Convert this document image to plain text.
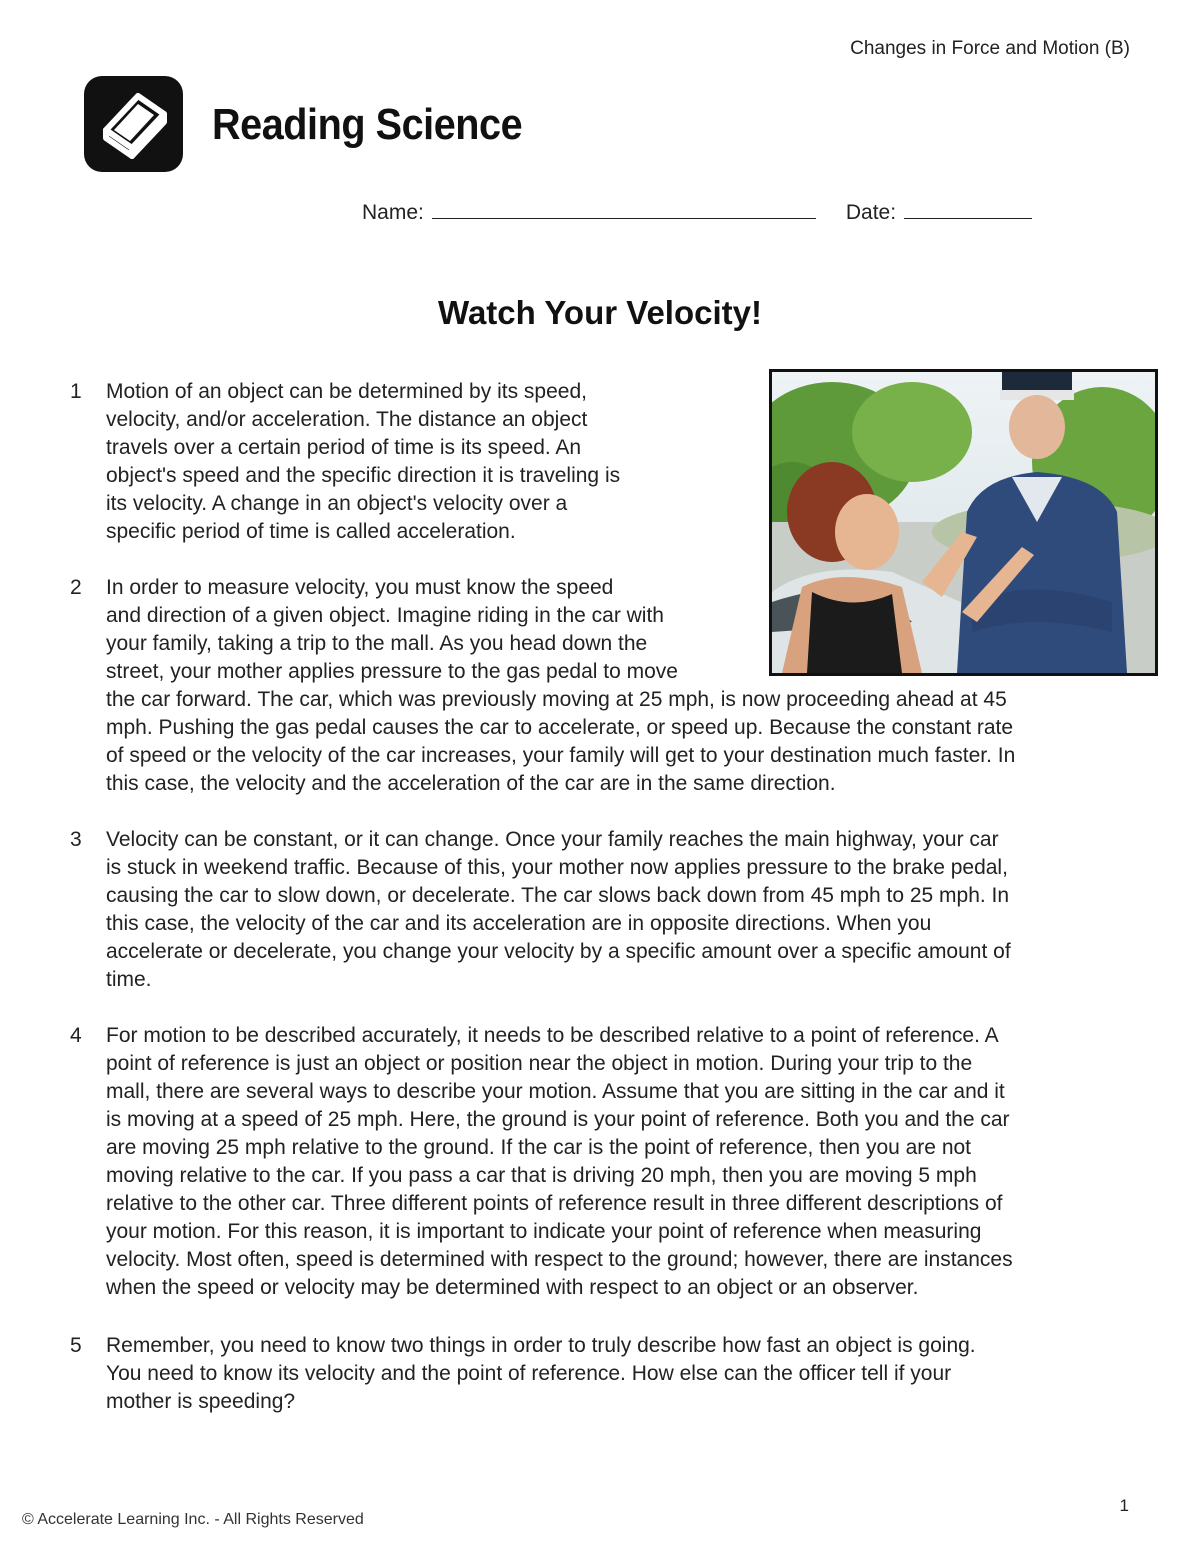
Changes in Force and Motion (B)
Reading Science
Name:	Date:
Watch Your Velocity!
1	Motion of an object can be determined by its speed,
velocity, and/or acceleration. The distance an object
travels over a certain period of time is its speed. An
object's speed and the specific direction it is traveling is
its velocity. A change in an object's velocity over a
specific period of time is called acceleration.
2	In order to measure velocity, you must know the speed
and direction of a given object. Imagine riding in the car with
your family, taking a trip to the mall. As you head down the
street, your mother applies pressure to the gas pedal to move
the car forward. The car, which was previously moving at 25 mph, is now proceeding ahead at 45
mph. Pushing the gas pedal causes the car to accelerate, or speed up. Because the constant rate
of speed or the velocity of the car increases, your family will get to your destination much faster. In
this case, the velocity and the acceleration of the car are in the same direction.
3	Velocity can be constant, or it can change. Once your family reaches the main highway, your car
is stuck in weekend traffic. Because of this, your mother now applies pressure to the brake pedal,
causing the car to slow down, or decelerate. The car slows back down from 45 mph to 25 mph. In
this case, the velocity of the car and its acceleration are in opposite directions. When you
accelerate or decelerate, you change your velocity by a specific amount over a specific amount of
time.
4	For motion to be described accurately, it needs to be described relative to a point of reference. A
point of reference is just an object or position near the object in motion. During your trip to the
mall, there are several ways to describe your motion. Assume that you are sitting in the car and it
is moving at a speed of 25 mph. Here, the ground is your point of reference. Both you and the car
are moving 25 mph relative to the ground. If the car is the point of reference, then you are not
moving relative to the car. If you pass a car that is driving 20 mph, then you are moving 5 mph
relative to the other car. Three different points of reference result in three different descriptions of
your motion. For this reason, it is important to indicate your point of reference when measuring
velocity. Most often, speed is determined with respect to the ground; however, there are instances
when the speed or velocity may be determined with respect to an object or an observer.
5	Remember, you need to know two things in order to truly describe how fast an object is going.
You need to know its velocity and the point of reference. How else can the officer tell if your
mother is speeding?
© Accelerate Learning Inc. - All Rights Reserved
1
